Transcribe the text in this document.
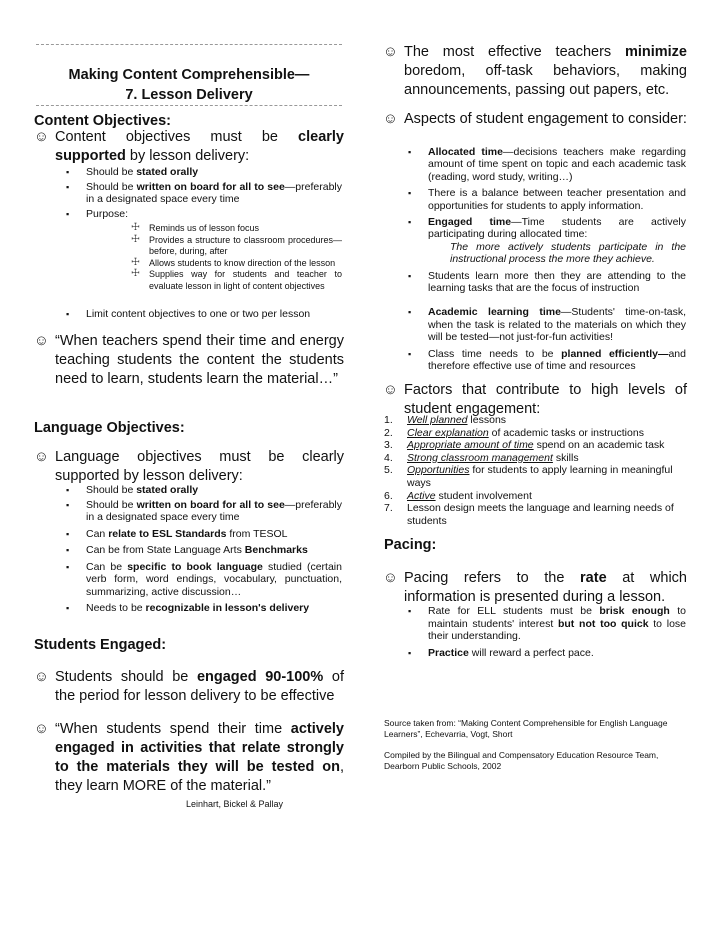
Making Content Comprehensible—
7. Lesson Delivery
Content Objectives:
☺ Content objectives must be clearly supported by lesson delivery:
▪ Should be stated orally
▪ Should be written on board for all to see—preferably in a designated space every time
▪ Purpose:
☩ Reminds us of lesson focus
☩ Provides a structure to classroom procedures—before, during, after
☩ Allows students to know direction of the lesson
☩ Supplies way for students and teacher to evaluate lesson in light of content objectives
▪ Limit content objectives to one or two per lesson
☺ “When teachers spend their time and energy teaching students the content the students need to learn, students learn the material…”
Language Objectives:
☺ Language objectives must be clearly supported by lesson delivery:
▪ Should be stated orally
▪ Should be written on board for all to see—preferably in a designated space every time
▪ Can relate to ESL Standards from TESOL
▪ Can be from State Language Arts Benchmarks
▪ Can be specific to book language studied (certain verb form, word endings, vocabulary, punctuation, summarizing, active discussion…
▪ Needs to be recognizable in lesson's delivery
Students Engaged:
☺ Students should be engaged 90-100% of the period for lesson delivery to be effective
☺ “When students spend their time actively engaged in activities that relate strongly to the materials they will be tested on, they learn MORE of the material.”
Leinhart, Bickel & Pallay
☺ The most effective teachers minimize boredom, off-task behaviors, making announcements, passing out papers, etc.
☺ Aspects of student engagement to consider:
▪ Allocated time—decisions teachers make regarding amount of time spent on topic and each academic task (reading, word study, writing…)
▪ There is a balance between teacher presentation and opportunities for students to apply information.
▪ Engaged time—Time students are actively participating during allocated time:
The more actively students participate in the instructional process the more they achieve.
▪ Students learn more then they are attending to the learning tasks that are the focus of instruction
▪ Academic learning time—Students' time-on-task, when the task is related to the materials on which they will be tested—not just-for-fun activities!
▪ Class time needs to be planned efficiently—and therefore effective use of time and resources
☺ Factors that contribute to high levels of student engagement:
1. Well planned lessons
2. Clear explanation of academic tasks or instructions
3. Appropriate amount of time spend on an academic task
4. Strong classroom management skills
5. Opportunities for students to apply learning in meaningful ways
6. Active student involvement
7. Lesson design meets the language and learning needs of students
Pacing:
☺ Pacing refers to the rate at which information is presented during a lesson.
▪ Rate for ELL students must be brisk enough to maintain students' interest but not too quick to lose their understanding.
▪ Practice will reward a perfect pace.
Source taken from: “Making Content Comprehensible for English Language Learners”, Echevarria, Vogt, Short
Compiled by the Bilingual and Compensatory Education Resource Team, Dearborn Public Schools, 2002
